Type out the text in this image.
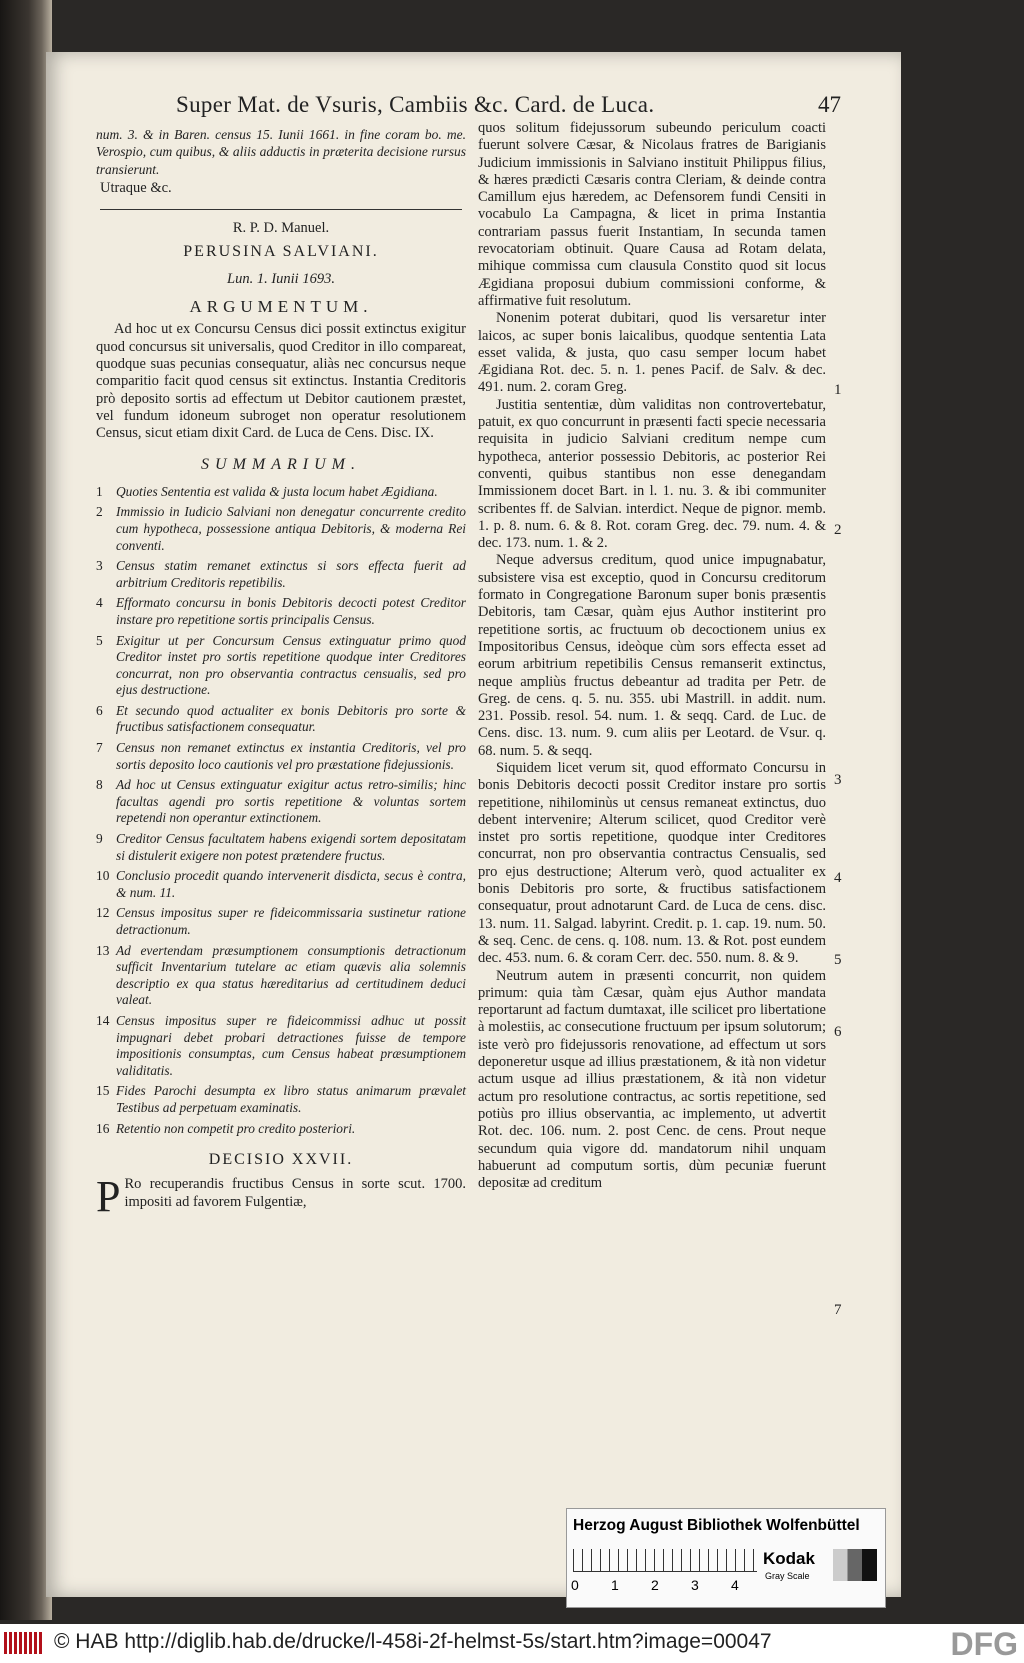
Super Mat. de Vsuris, Cambiis &c. Card. de Luca.	47

num. 3. & in Baren. census 15. Iunii 1661. in fine coram bo. me. Verospio, cum quibus, & aliis adductis in præterita decisione rursus transierunt.

Utraque &c.

R. P. D. Manuel.
PERUSINA SALVIANI.
Lun. 1. Iunii 1693.
ARGUMENTUM.

Ad hoc ut ex Concursu Census dici possit extinctus exigitur quod concursus sit universalis, quod Creditor in illo compareat, quodque suas pecunias consequatur, aliàs nec concursus neque comparitio facit quod census sit extinctus. Instantia Creditoris prò deposito sortis ad effectum ut Debitor cautionem præstet, vel fundum idoneum subroget non operatur resolutionem Census, sicut etiam dixit Card. de Luca de Cens. Disc. IX.

SUMMARIUM.
1 Quoties Sententia est valida & justa locum habet Ægidiana.
2 Immissio in Iudicio Salviani non denegatur concurrente credito cum hypotheca, possessione antiqua Debitoris, & moderna Rei conventi.
3 Census statim remanet extinctus si sors effecta fuerit ad arbitrium Creditoris repetibilis.
4 Efformato concursu in bonis Debitoris decocti potest Creditor instare pro repetitione sortis principalis Census.
5 Exigitur ut per Concursum Census extinguatur primo quod Creditor instet pro sortis repetitione quodque inter Creditores concurrat, non pro observantia contractus censualis, sed pro ejus destructione.
6 Et secundo quod actualiter ex bonis Debitoris pro sorte & fructibus satisfactionem consequatur.
7 Census non remanet extinctus ex instantia Creditoris, vel pro sortis deposito loco cautionis vel pro præstatione fidejussionis.
8 Ad hoc ut Census extinguatur exigitur actus retro-similis; hinc facultas agendi pro sortis repetitione & voluntas sortem repetendi non operantur extinctionem.
9 Creditor Census facultatem habens exigendi sortem depositatam si distulerit exigere non potest prætendere fructus.
10 Conclusio procedit quando intervenerit disdicta, secus è contra, & num. 11.
12 Census impositus super re fideicommissaria sustinetur ratione detractionum.
13 Ad evertendam præsumptionem consumptionis detractionum sufficit Inventarium tutelare ac etiam quævis alia solemnis descriptio ex qua status hæreditarius ad certitudinem deduci valeat.
14 Census impositus super re fideicommissi adhuc ut possit impugnari debet probari detractiones fuisse de tempore impositionis consumptas, cum Census habeat præsumptionem validitatis.
15 Fides Parochi desumpta ex libro status animarum prævalet Testibus ad perpetuam examinatis.
16 Retentio non competit pro credito posteriori.
DECISIO XXVII.

P Ro recuperandis fructibus Census in sorte scut. 1700. impositi ad favorem Fulgentiæ,

quos solitum fidejussorum subeundo periculum coacti fuerunt solvere Cæsar, & Nicolaus fratres de Barigianis Judicium immissionis in Salviano instituit Philippus filius, & hæres prædicti Cæsaris contra Cleriam, & deinde contra Camillum ejus hæredem, ac Defensorem fundi Censiti in vocabulo La Campagna, & licet in prima Instantia contrariam passus fuerit Instantiam, In secunda tamen revocatoriam obtinuit. Quare Causa ad Rotam delata, mihique commissa cum clausula Constito quod sit locus Ægidiana proposui dubium commissioni conforme, & affirmative fuit resolutum.

Nonenim poterat dubitari, quod lis versaretur inter laicos, ac super bonis laicalibus, quodque sententia Lata esset valida, & justa, quo casu semper locum habet Ægidiana Rot. dec. 5. n. 1. penes Pacif. de Salv. & dec. 491. num. 2. coram Greg.

Justitia sententiæ, dùm validitas non controvertebatur, patuit, ex quo concurrunt in præsenti facti specie necessaria requisita in judicio Salviani creditum nempe cum hypotheca, anterior possessio Debitoris, ac posterior Rei conventi, quibus stantibus non esse denegandam Immissionem docet Bart. in l. 1. nu. 3. & ibi communiter scribentes ff. de Salvian. interdict. Neque de pignor. memb. 1. p. 8. num. 6. & 8. Rot. coram Greg. dec. 79. num. 4. & dec. 173. num. 1. & 2.

Neque adversus creditum, quod unice impugnabatur, subsistere visa est exceptio, quod in Concursu creditorum formato in Congregatione Baronum super bonis præsentis Debitoris, tam Cæsar, quàm ejus Author institerint pro repetitione sortis, ac fructuum ob decoctionem unius ex Impositoribus Census, ideòque cùm sors effecta esset ad eorum arbitrium repetibilis Census remanserit extinctus, neque ampliùs fructus debeantur ad tradita per Petr. de Greg. de cens. q. 5. nu. 355. ubi Mastrill. in addit. num. 231. Possib. resol. 54. num. 1. & seqq. Card. de Luc. de Cens. disc. 13. num. 9. cum aliis per Leotard. de Vsur. q. 68. num. 5. & seqq.

Siquidem licet verum sit, quod efformato Concursu in bonis Debitoris decocti possit Creditor instare pro sortis repetitione, nihilominùs ut census remaneat extinctus, duo debent intervenire; Alterum scilicet, quod Creditor verè instet pro sortis repetitione, quodque inter Creditores concurrat, non pro observantia contractus Censualis, sed pro ejus destructione; Alterum verò, quod actualiter ex bonis Debitoris pro sorte, & fructibus satisfactionem consequatur, prout adnotarunt Card. de Luca de cens. disc. 13. num. 11. Salgad. labyrint. Credit. p. 1. cap. 19. num. 50. & seq. Cenc. de cens. q. 108. num. 13. & Rot. post eundem dec. 453. num. 6. & coram Cerr. dec. 550. num. 8. & 9.

Neutrum autem in præsenti concurrit, non quidem primum: quia tàm Cæsar, quàm ejus Author mandata reportarunt ad factum dumtaxat, ille scilicet pro libertatione à molestiis, ac consecutione fructuum per ipsum solutorum; iste verò pro fidejussoris renovatione, ad effectum ut sors deponeretur usque ad illius præstationem, & ità non videtur actum usque ad illius præstationem, & ità non videtur actum pro resolutione contractus, ac sortis repetitione, sed potiùs pro illius observantia, ac implemento, ut advertit Rot. dec. 106. num. 2. post Cenc. de cens. Prout neque secundum quia vigore dd. mandatorum nihil unquam habuerunt ad computum sortis, dùm pecuniæ fuerunt depositæ ad creditum

1
2
3
4
5
6
7
Herzog August Bibliothek Wolfenbüttel
0 1 2 3 4
Kodak
Gray Scale
© HAB http://diglib.hab.de/drucke/l-458i-2f-helmst-5s/start.htm?image=00047	DFG
